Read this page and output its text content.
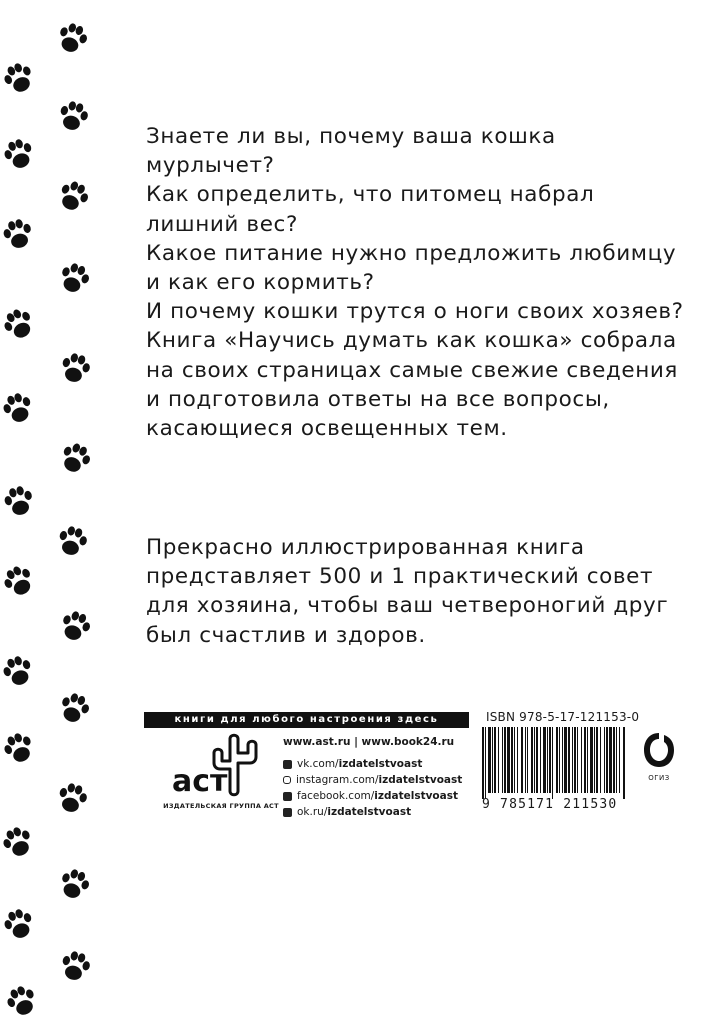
Знаете ли вы, почему ваша кошка мурлычет?

Как определить, что питомец набрал лишний вес?

Какое питание нужно предложить любимцу и как его кормить?

И почему кошки трутся о ноги своих хозяев?

Книга «Научись думать как кошка» собрала на своих страницах самые свежие сведения и подготовила ответы на все вопросы, касающиеся освещенных тем.

Прекрасно иллюстрированная книга представляет 500 и 1 практический совет для хозяина, чтобы ваш четвероногий друг был счастлив и здоров.
книги для любого настроения здесь
аст
ИЗДАТЕЛЬСКАЯ ГРУППА АСТ
www.ast.ru | www.book24.ru
vk.com/ izdatelstvoast
instagram.com/ izdatelstvoast
facebook.com/ izdatelstvoast
ok.ru/ izdatelstvoast
ISBN 978-5-17-121153-0
9 785171 211530
ОГИЗ
